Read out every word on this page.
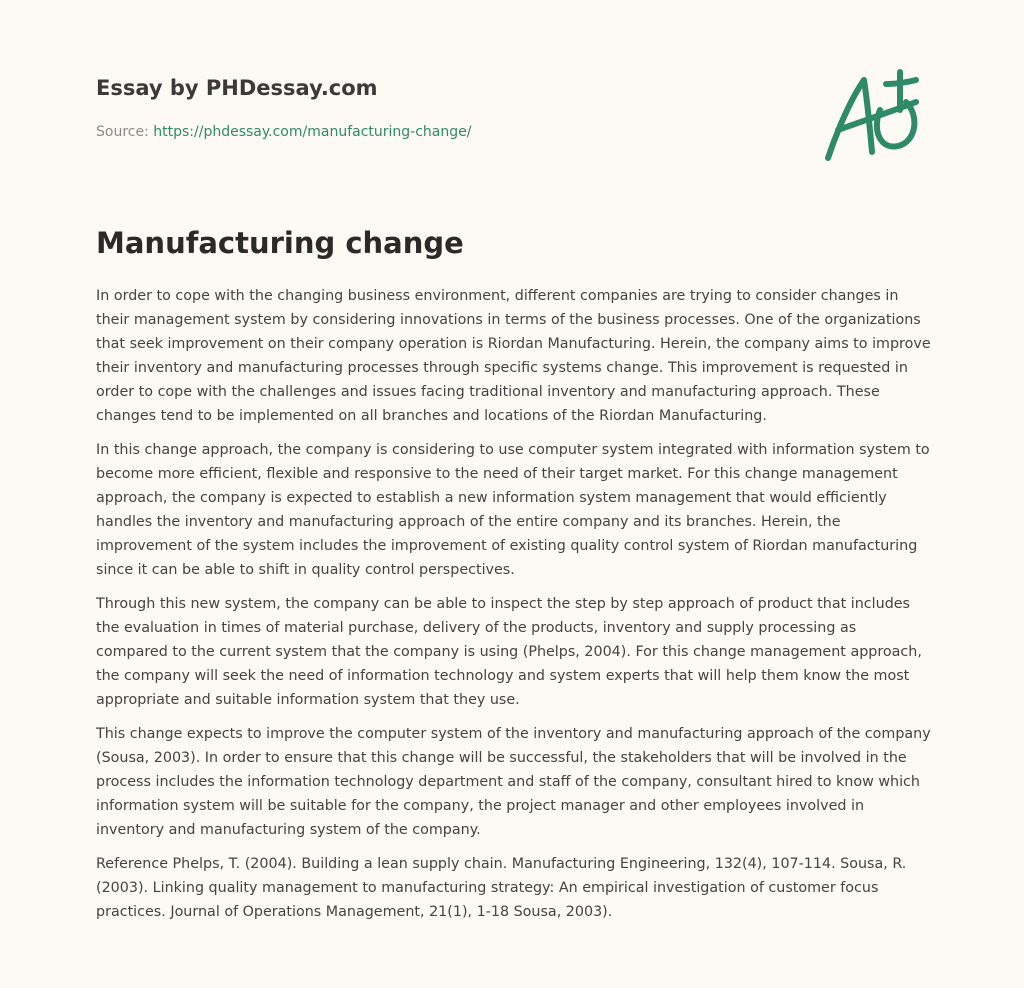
Essay by PHDessay.com
Source: https://phdessay.com/manufacturing-change/
Manufacturing change

In order to cope with the changing business environment, different companies are trying to consider changes in their management system by considering innovations in terms of the business processes. One of the organizations that seek improvement on their company operation is Riordan Manufacturing. Herein, the company aims to improve their inventory and manufacturing processes through specific systems change. This improvement is requested in order to cope with the challenges and issues facing traditional inventory and manufacturing approach. These changes tend to be implemented on all branches and locations of the Riordan Manufacturing.

In this change approach, the company is considering to use computer system integrated with information system to become more efficient, flexible and responsive to the need of their target market. For this change management approach, the company is expected to establish a new information system management that would efficiently handles the inventory and manufacturing approach of the entire company and its branches. Herein, the improvement of the system includes the improvement of existing quality control system of Riordan manufacturing since it can be able to shift in quality control perspectives.

Through this new system, the company can be able to inspect the step by step approach of product that includes the evaluation in times of material purchase, delivery of the products, inventory and supply processing as compared to the current system that the company is using (Phelps, 2004). For this change management approach, the company will seek the need of information technology and system experts that will help them know the most appropriate and suitable information system that they use.

This change expects to improve the computer system of the inventory and manufacturing approach of the company (Sousa, 2003). In order to ensure that this change will be successful, the stakeholders that will be involved in the process includes the information technology department and staff of the company, consultant hired to know which information system will be suitable for the company, the project manager and other employees involved in inventory and manufacturing system of the company.

Reference Phelps, T. (2004). Building a lean supply chain. Manufacturing Engineering, 132(4), 107-114. Sousa, R. (2003). Linking quality management to manufacturing strategy: An empirical investigation of customer focus practices. Journal of Operations Management, 21(1), 1-18 Sousa, 2003).
